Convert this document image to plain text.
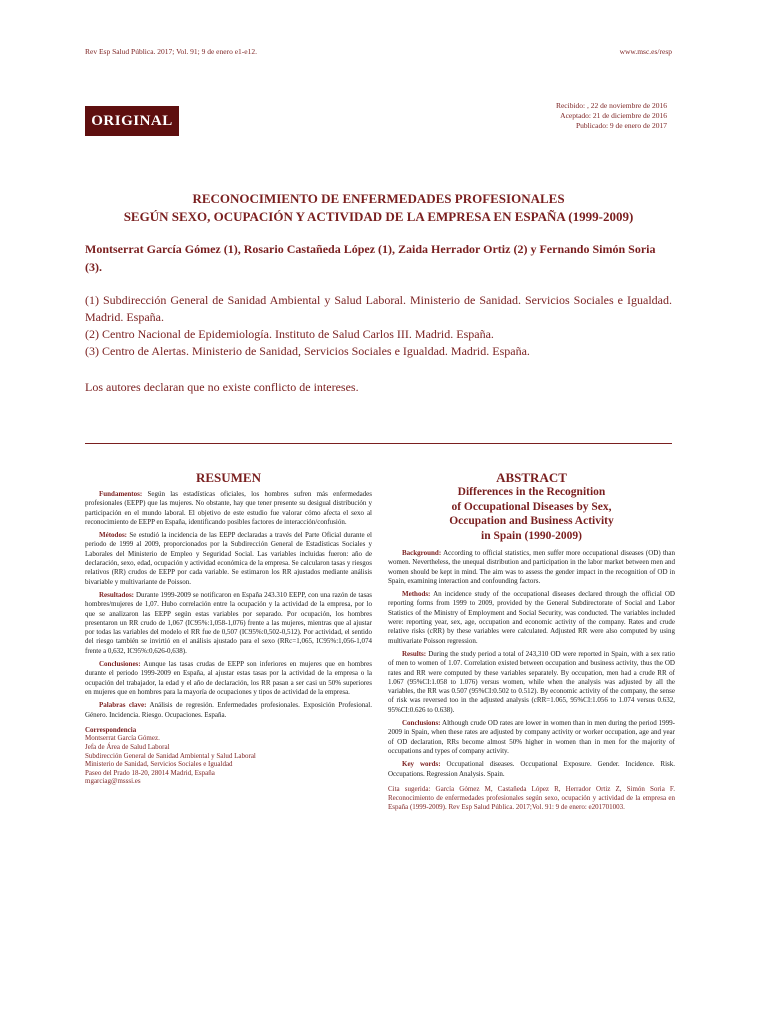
Rev Esp Salud Pública. 2017; Vol. 91; 9 de enero e1-e12.	www.msc.es/resp
ORIGINAL
Recibido: , 22 de noviembre de 2016
Aceptado: 21 de diciembre de 2016
Publicado: 9 de enero de 2017
RECONOCIMIENTO DE ENFERMEDADES PROFESIONALES
SEGÚN SEXO, OCUPACIÓN Y ACTIVIDAD DE LA EMPRESA EN ESPAÑA (1999-2009)
Montserrat García Gómez (1), Rosario Castañeda López (1), Zaida Herrador Ortiz (2) y Fernando Simón Soria (3).
(1) Subdirección General de Sanidad Ambiental y Salud Laboral. Ministerio de Sanidad. Servicios Sociales e Igualdad. Madrid. España.
(2) Centro Nacional de Epidemiología. Instituto de Salud Carlos III. Madrid. España.
(3) Centro de Alertas. Ministerio de Sanidad, Servicios Sociales e Igualdad. Madrid. España.
Los autores declaran que no existe conflicto de intereses.
RESUMEN

Fundamentos: Según las estadísticas oficiales, los hombres sufren más enfermedades profesionales (EEPP) que las mujeres. No obstante, hay que tener presente su desigual distribución y participación en el mundo laboral. El objetivo de este estudio fue valorar cómo afecta el sexo al reconocimiento de EEPP en España, identificando posibles factores de interacción/confusión.

Métodos: Se estudió la incidencia de las EEPP declaradas a través del Parte Oficial durante el periodo de 1999 al 2009, proporcionados por la Subdirección General de Estadísticas Sociales y Laborales del Ministerio de Empleo y Seguridad Social. Las variables incluidas fueron: año de declaración, sexo, edad, ocupación y actividad económica de la empresa. Se calcularon tasas y riesgos relativos (RR) crudos de EEPP por cada variable. Se estimaron los RR ajustados mediante análisis bivariable y multivariante de Poisson.

Resultados: Durante 1999-2009 se notificaron en España 243.310 EEPP, con una razón de tasas hombres/mujeres de 1,07. Hubo correlación entre la ocupación y la actividad de la empresa, por lo que se analizaron las EEPP según estas variables por separado. Por ocupación, los hombres presentaron un RR crudo de 1,067 (IC95%:1,058-1,076) frente a las mujeres, mientras que al ajustar por todas las variables del modelo el RR fue de 0,507 (IC95%:0,502-0,512). Por actividad, el sentido del riesgo también se invirtió en el análisis ajustado para el sexo (RRc=1,065, IC95%:1,056-1,074 frente a 0,632, IC95%:0,626-0,638).

Conclusiones: Aunque las tasas crudas de EEPP son inferiores en mujeres que en hombres durante el periodo 1999-2009 en España, al ajustar estas tasas por la actividad de la empresa o la ocupación del trabajador, la edad y el año de declaración, los RR pasan a ser casi un 50% superiores en mujeres que en hombres para la mayoría de ocupaciones y tipos de actividad de la empresa.

Palabras clave: Análisis de regresión. Enfermedades profesionales. Exposición Profesional. Género. Incidencia. Riesgo. Ocupaciones. España.

Correspondencia
Montserrat García Gómez.
Jefa de Área de Salud Laboral
Subdirección General de Sanidad Ambiental y Salud Laboral
Ministerio de Sanidad, Servicios Sociales e Igualdad
Paseo del Prado 18-20, 28014 Madrid, España
mgarciag@msssi.es
ABSTRACT
Differences in the Recognition
of Occupational Diseases by Sex,
Occupation and Business Activity
in Spain (1990-2009)

Background: According to official statistics, men suffer more occupational diseases (OD) than women. Nevertheless, the unequal distribution and participation in the labor market between men and women should be kept in mind. The aim was to assess the gender impact in the recognition of OD in Spain, examining interaction and confounding factors.

Methods: An incidence study of the occupational diseases declared through the official OD reporting forms from 1999 to 2009, provided by the General Subdirectorate of Social and Labor Statistics of the Ministry of Employment and Social Security, was conducted. The variables included were: reporting year, sex, age, occupation and economic activity of the company. Rates and crude relative risks (cRR) by these variables were calculated. Adjusted RR were also computed by using multivariate Poisson regression.

Results: During the study period a total of 243,310 OD were reported in Spain, with a sex ratio of men to women of 1.07. Correlation existed between occupation and business activity, thus the OD rates and RR were computed by these variables separately. By occupation, men had a crude RR of 1.067 (95%CI:1.058 to 1.076) versus women, while when the analysis was adjusted by all the variables, the RR was 0.507 (95%CI:0.502 to 0.512). By economic activity of the company, the sense of risk was reversed too in the adjusted analysis (cRR=1.065, 95%CI:1.056 to 1.074 versus 0.632, 95%CI:0.626 to 0.638).

Conclusions: Although crude OD rates are lower in women than in men during the period 1999-2009 in Spain, when these rates are adjusted by company activity or worker occupation, age and year of OD declaration, RRs become almost 50% higher in women than in men for the majority of occupations and types of company activity.

Key words: Occupational diseases. Occupational Exposure. Gender. Incidence. Risk. Occupations. Regression Analysis. Spain.

Cita sugerida: García Gómez M, Castañeda López R, Herrador Ortiz Z, Simón Soria F. Reconocimiento de enfermedades profesionales según sexo, ocupación y actividad de la empresa en España (1999-2009). Rev Esp Salud Pública. 2017;Vol. 91: 9 de enero: e201701003.
